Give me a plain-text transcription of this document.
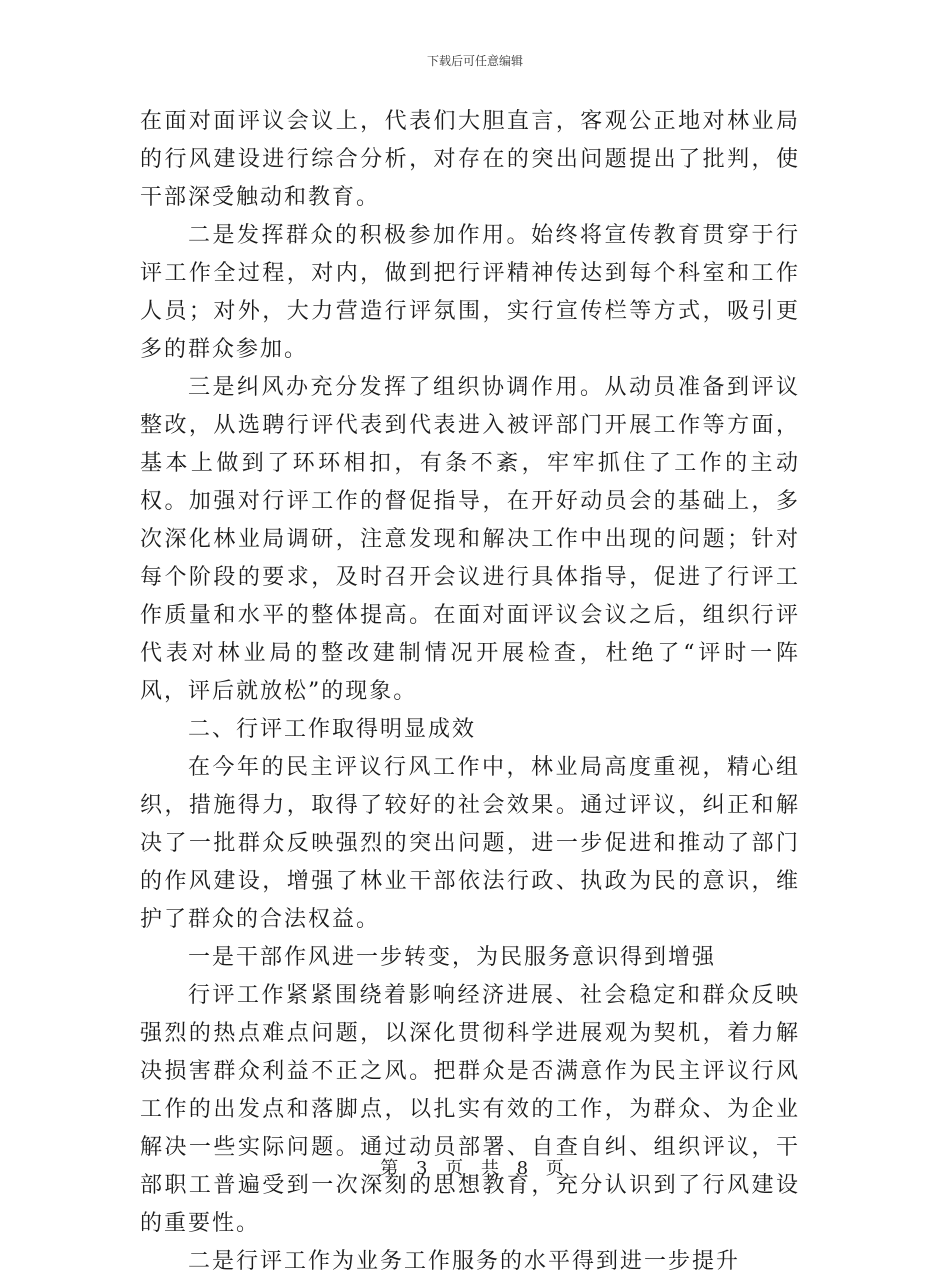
下载后可任意编辑

在面对面评议会议上，代表们大胆直言，客观公正地对林业局的行风建设进行综合分析，对存在的突出问题提出了批判，使干部深受触动和教育。

二是发挥群众的积极参加作用。始终将宣传教育贯穿于行评工作全过程，对内，做到把行评精神传达到每个科室和工作人员；对外，大力营造行评氛围，实行宣传栏等方式，吸引更多的群众参加。

三是纠风办充分发挥了组织协调作用。从动员准备到评议整改，从选聘行评代表到代表进入被评部门开展工作等方面，基本上做到了环环相扣，有条不紊，牢牢抓住了工作的主动权。加强对行评工作的督促指导，在开好动员会的基础上，多次深化林业局调研，注意发现和解决工作中出现的问题；针对每个阶段的要求，及时召开会议进行具体指导，促进了行评工作质量和水平的整体提高。在面对面评议会议之后，组织行评代表对林业局的整改建制情况开展检查，杜绝了“评时一阵风，评后就放松”的现象。

二、行评工作取得明显成效

在今年的民主评议行风工作中，林业局高度重视，精心组织，措施得力，取得了较好的社会效果。通过评议，纠正和解决了一批群众反映强烈的突出问题，进一步促进和推动了部门的作风建设，增强了林业干部依法行政、执政为民的意识，维护了群众的合法权益。

一是干部作风进一步转变，为民服务意识得到增强

行评工作紧紧围绕着影响经济进展、社会稳定和群众反映强烈的热点难点问题，以深化贯彻科学进展观为契机，着力解决损害群众利益不正之风。把群众是否满意作为民主评议行风工作的出发点和落脚点，以扎实有效的工作，为群众、为企业解决一些实际问题。通过动员部署、自查自纠、组织评议，干部职工普遍受到一次深刻的思想教育，充分认识到了行风建设的重要性。

二是行评工作为业务工作服务的水平得到进一步提升

第 3 页 共 8 页
